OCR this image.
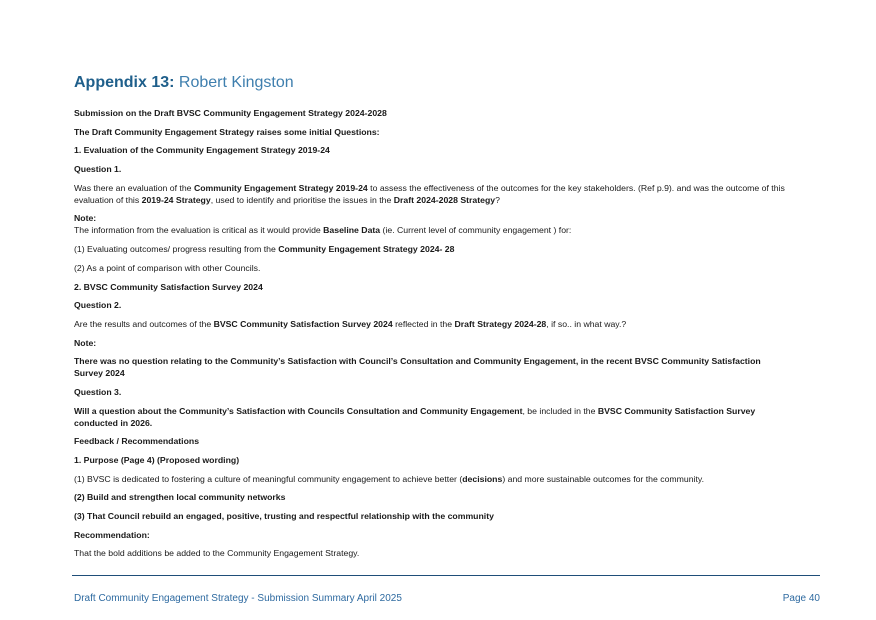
Appendix 13: Robert Kingston

Submission on the Draft BVSC Community Engagement Strategy 2024-2028

The Draft Community Engagement Strategy raises some initial Questions:

1. Evaluation of the Community Engagement Strategy 2019-24

Question 1.

Was there an evaluation of the Community Engagement Strategy 2019-24 to assess the effectiveness of the outcomes for the key stakeholders. (Ref p.9). and was the outcome of this evaluation of this 2019-24 Strategy, used to identify and prioritise the issues in the Draft 2024-2028 Strategy?

Note:
The information from the evaluation is critical as it would provide Baseline Data (ie. Current level of community engagement ) for:

(1) Evaluating outcomes/ progress resulting from the Community Engagement Strategy 2024- 28

(2) As a point of comparison with other Councils.

2. BVSC Community Satisfaction Survey 2024

Question 2.

Are the results and outcomes of the BVSC Community Satisfaction Survey 2024 reflected in the Draft Strategy 2024-28, if so.. in what way.?

Note:

There was no question relating to the Community’s Satisfaction with Council’s Consultation and Community Engagement, in the recent BVSC Community Satisfaction Survey 2024

Question 3.

Will a question about the Community’s Satisfaction with Councils Consultation and Community Engagement, be included in the BVSC Community Satisfaction Survey conducted in 2026.

Feedback / Recommendations

1. Purpose (Page 4) (Proposed wording)

(1) BVSC is dedicated to fostering a culture of meaningful community engagement to achieve better (decisions) and more sustainable outcomes for the community.

(2) Build and strengthen local community networks

(3) That Council rebuild an engaged, positive, trusting and respectful relationship with the community

Recommendation:

That the bold additions be added to the Community Engagement Strategy.

Draft Community Engagement Strategy - Submission Summary April 2025	Page 40
